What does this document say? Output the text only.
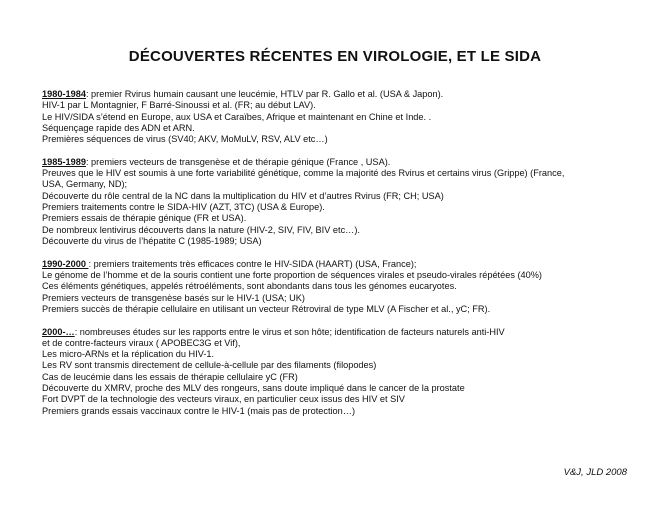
DÉCOUVERTES RÉCENTES EN VIROLOGIE, ET LE SIDA
1980-1984: premier Rvirus humain causant une leucémie, HTLV par R. Gallo et al. (USA & Japon).
HIV-1 par L Montagnier, F Barré-Sinoussi et al. (FR; au début LAV).
Le HIV/SIDA s’étend en Europe, aux USA et Caraïbes, Afrique et maintenant en Chine et Inde. .
Séquençage rapide des ADN et ARN.
Premières séquences de virus (SV40; AKV, MoMuLV, RSV, ALV etc…)
1985-1989: premiers vecteurs de transgenèse et de thérapie génique (France , USA).
Preuves que le HIV est soumis à une forte variabilité génétique, comme la majorité des Rvirus et certains virus (Grippe) (France,
USA, Germany, ND);
Découverte du rôle central de la NC dans la multiplication du HIV et d’autres Rvirus (FR; CH; USA)
Premiers traitements contre le SIDA-HIV (AZT, 3TC) (USA & Europe).
Premiers essais de thérapie génique (FR et USA).
De nombreux lentivirus découverts dans la nature (HIV-2, SIV, FIV, BIV etc…).
Découverte du virus de l’hépatite C (1985-1989; USA)
1990-2000 : premiers traitements très efficaces contre le HIV-SIDA (HAART) (USA, France);
Le génome de l’homme et de la souris contient une forte proportion de séquences virales et pseudo-virales répétées (40%)
Ces éléments génétiques, appelés rétroéléments, sont abondants dans tous les génomes eucaryotes.
Premiers vecteurs de transgenèse basés sur le HIV-1 (USA; UK)
Premiers succès de thérapie cellulaire en utilisant un vecteur Rétroviral de type MLV (A Fischer et al., yC; FR).
2000-…: nombreuses études sur les rapports entre le virus et son hôte; identification de facteurs naturels anti-HIV
et de contre-facteurs viraux ( APOBEC3G et Vif),
Les micro-ARNs et la réplication du HIV-1.
Les RV sont transmis directement de cellule-à-cellule par des filaments (filopodes)
Cas de leucémie dans les essais de thérapie cellulaire yC (FR)
Découverte du XMRV, proche des MLV des rongeurs, sans doute impliqué dans le cancer de la prostate
Fort DVPT de la technologie des vecteurs viraux, en particulier ceux issus des HIV et SIV
Premiers grands essais vaccinaux contre le HIV-1 (mais pas de protection…)
V&J, JLD 2008
